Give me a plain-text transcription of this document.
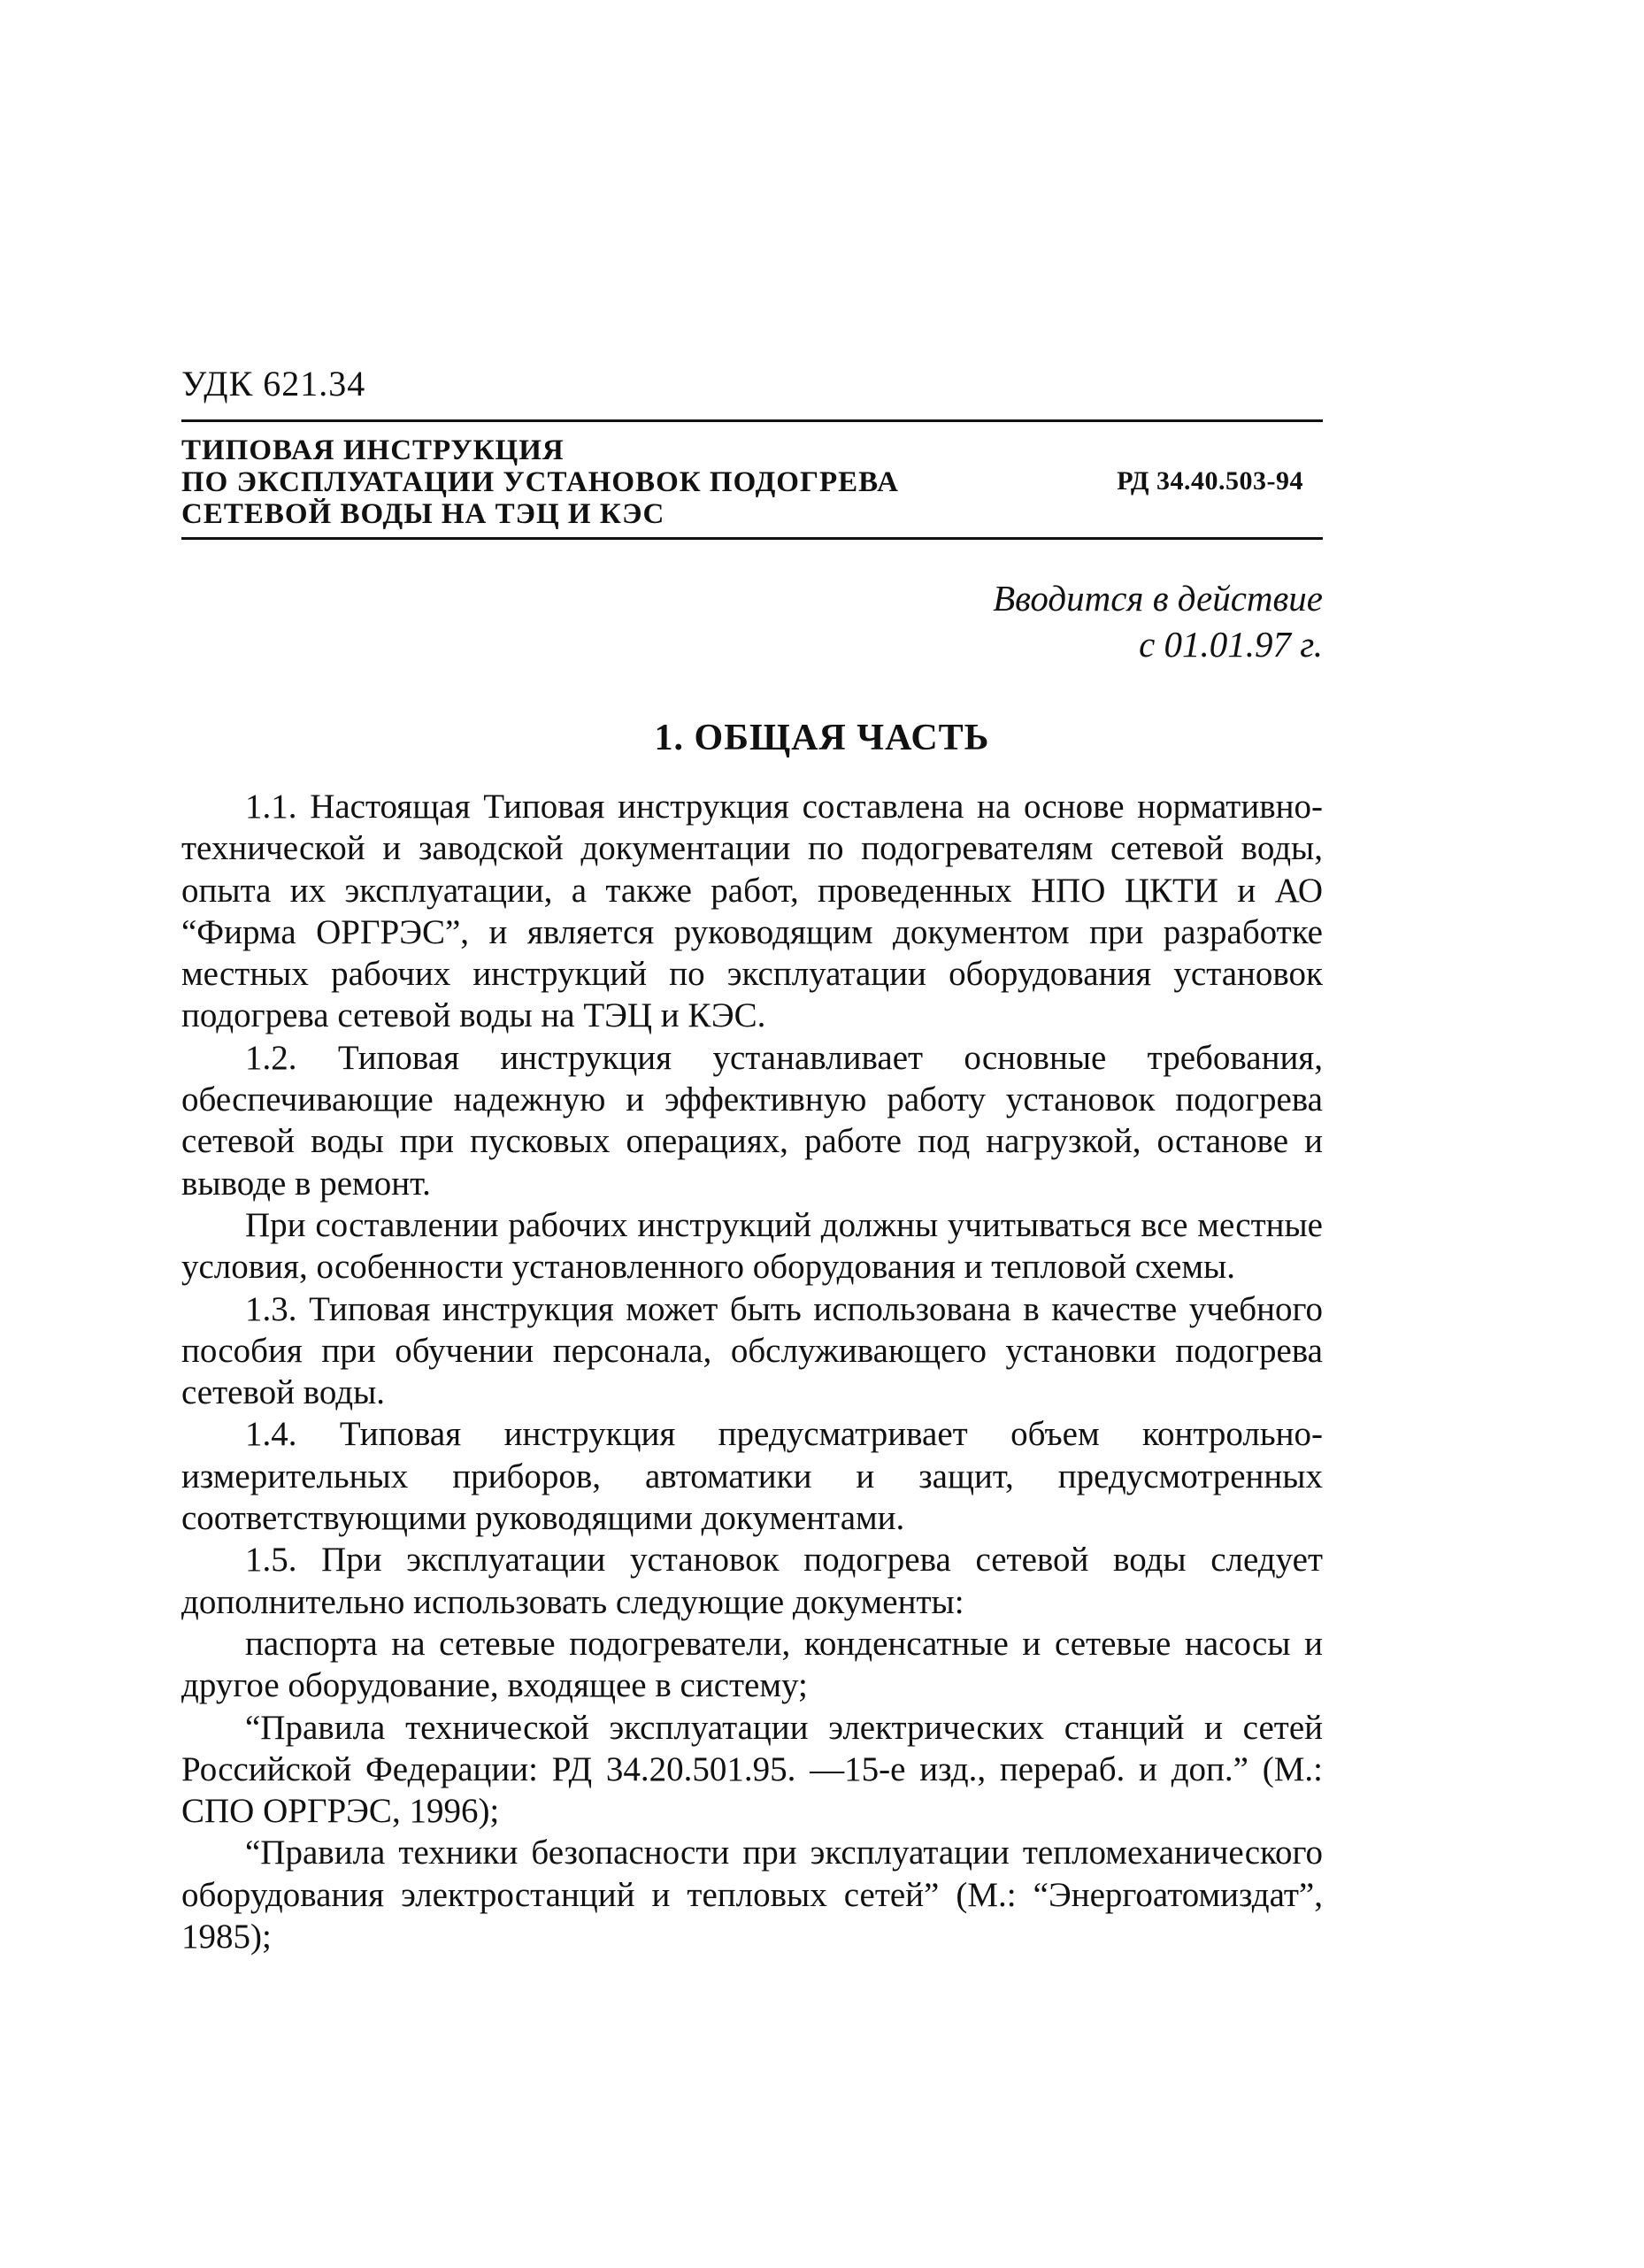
УДК 621.34
ТИПОВАЯ ИНСТРУКЦИЯ
ПО ЭКСПЛУАТАЦИИ УСТАНОВОК ПОДОГРЕВА
СЕТЕВОЙ ВОДЫ НА ТЭЦ И КЭС
РД 34.40.503-94
Вводится в действие
с 01.01.97 г.
1. ОБЩАЯ ЧАСТЬ

1.1. Настоящая Типовая инструкция составлена на основе нормативно-технической и заводской документации по подогревателям сетевой воды, опыта их эксплуатации, а также работ, проведенных НПО ЦКТИ и АО “Фирма ОРГРЭС”, и является руководящим документом при разработке местных рабочих инструкций по эксплуатации оборудования установок подогрева сетевой воды на ТЭЦ и КЭС.

1.2. Типовая инструкция устанавливает основные требования, обеспечивающие надежную и эффективную работу установок подогрева сетевой воды при пусковых операциях, работе под нагрузкой, останове и выводе в ремонт.

При составлении рабочих инструкций должны учитываться все местные условия, особенности установленного оборудования и тепловой схемы.

1.3. Типовая инструкция может быть использована в качестве учебного пособия при обучении персонала, обслуживающего установки подогрева сетевой воды.

1.4. Типовая инструкция предусматривает объем контрольно-измерительных приборов, автоматики и защит, предусмотренных соответствующими руководящими документами.

1.5. При эксплуатации установок подогрева сетевой воды следует дополнительно использовать следующие документы:

паспорта на сетевые подогреватели, конденсатные и сетевые насосы и другое оборудование, входящее в систему;

“Правила технической эксплуатации электрических станций и сетей Российской Федерации: РД 34.20.501.95. —15-е изд., перераб. и доп.” (М.: СПО ОРГРЭС, 1996);

“Правила техники безопасности при эксплуатации тепломеханического оборудования электростанций и тепловых сетей” (М.: “Энергоатомиздат”, 1985);
